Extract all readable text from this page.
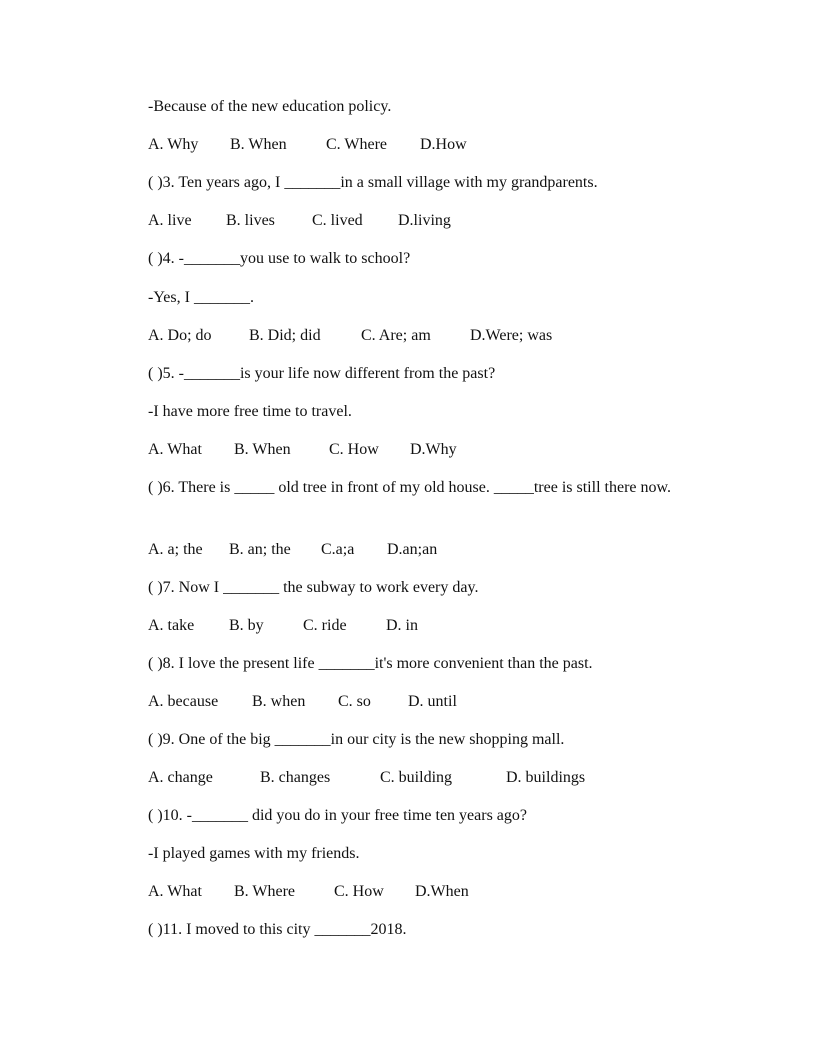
-Because of the new education policy.
A. Why B. When C. Where D.How
( )3. Ten years ago, I _______in a small village with my grandparents.
A. live B. lives C. lived D.living
( )4. -_______you use to walk to school?
-Yes, I _______.
A. Do; do B. Did; did	C. Are; am D.Were; was
( )5. -_______is your life now different from the past?
-I have more free time to travel.
A. What B. When C. How D.Why
( )6. There is _____ old tree in front of my old house. _____tree is still there now.
A. a; the B. an; the C.a;a D.an;an
( )7. Now I _______ the subway to work every day.
A. take B. by C. ride D. in
( )8. I love the present life _______it's more convenient than the past.
A. because B. when C. so D. until
( )9. One of the big _______in our city is the new shopping mall.
A. change	B. changes	C. building	D. buildings
( )10. -_______ did you do in your free time ten years ago?
-I played games with my friends.
A. What B. Where C. How D.When
( )11. I moved to this city _______2018.
